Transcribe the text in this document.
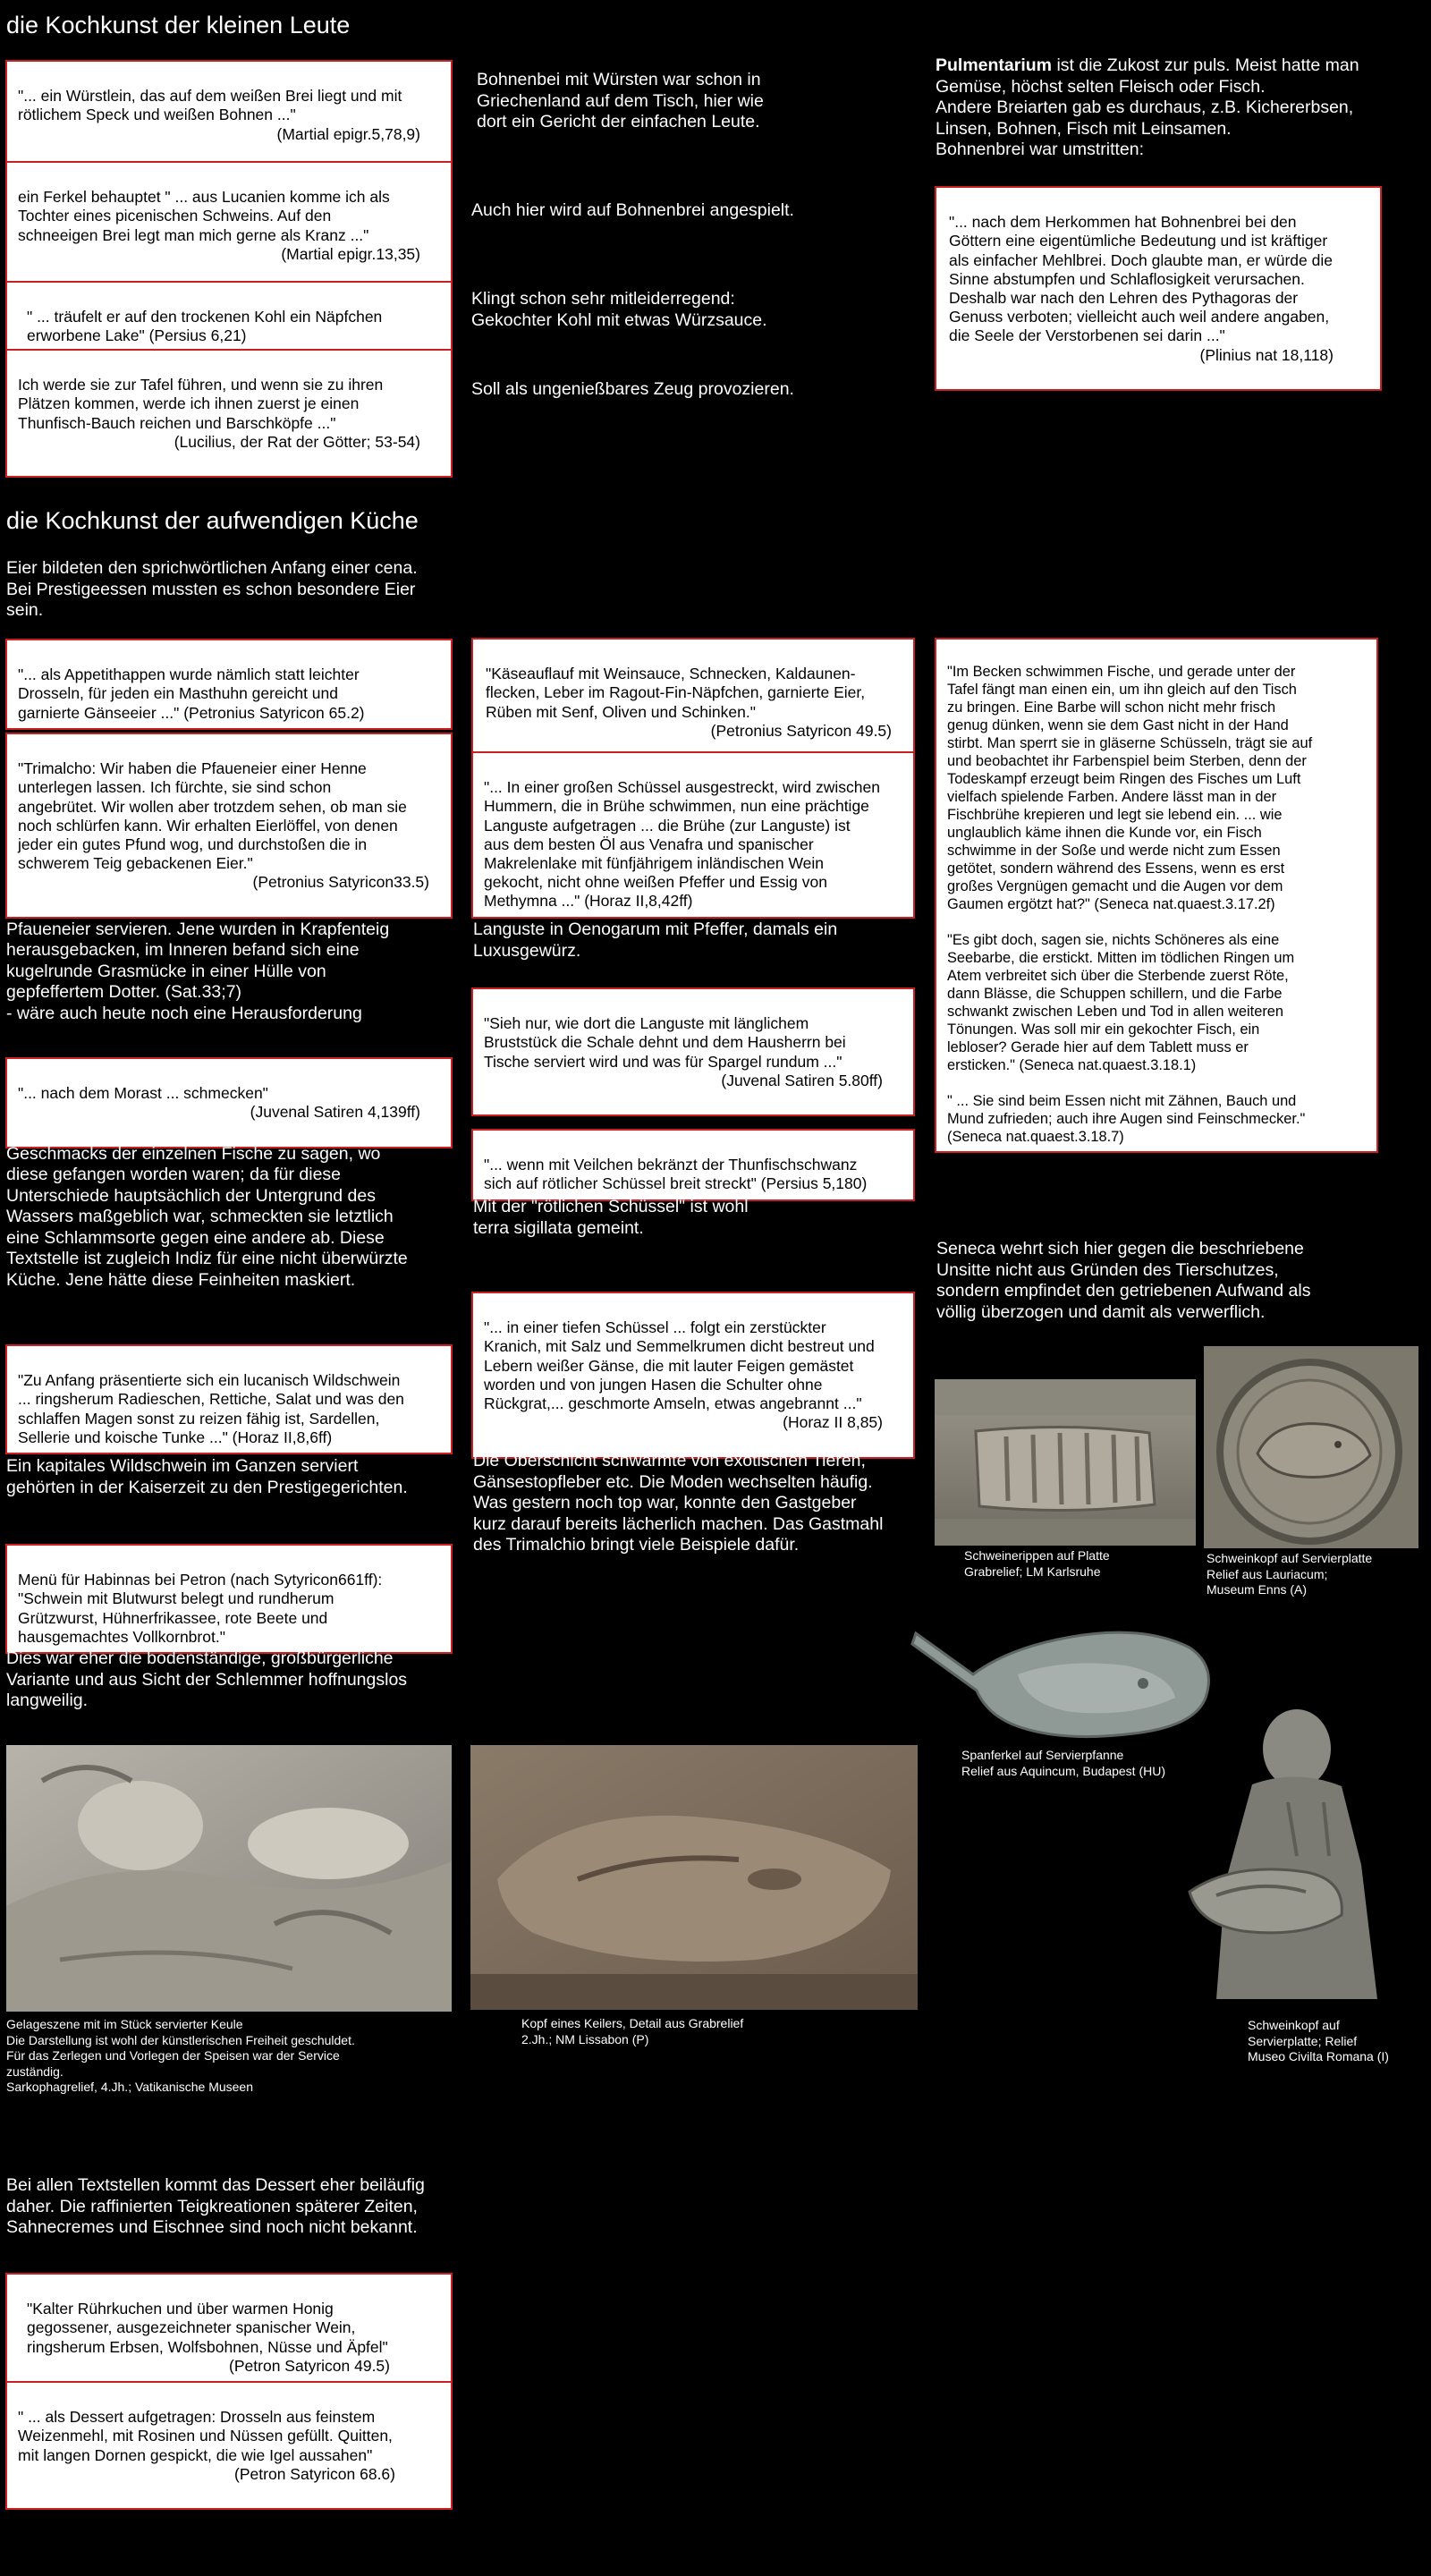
die Kochkunst der kleinen Leute

"... ein Würstlein, das auf dem weißen Brei liegt und mit
rötlichem Speck und weißen Bohnen ..."

(Martial epigr.5,78,9)

Bohnenbei mit Würsten war schon in
Griechenland auf dem Tisch, hier wie
dort ein Gericht der einfachen Leute.

ein Ferkel behauptet " ... aus Lucanien komme ich als
Tochter eines picenischen Schweins. Auf den
schneeigen Brei legt man mich gerne als Kranz ..."

(Martial epigr.13,35)

Auch hier wird auf Bohnenbrei angespielt.

" ... träufelt er auf den trockenen Kohl ein Näpfchen
erworbene Lake" (Persius 6,21)

Klingt schon sehr mitleiderregend:
Gekochter Kohl mit etwas Würzsauce.

Ich werde sie zur Tafel führen, und wenn sie zu ihren
Plätzen kommen, werde ich ihnen zuerst je einen
Thunfisch-Bauch reichen und Barschköpfe ..."

(Lucilius, der Rat der Götter; 53-54)

Soll als ungenießbares Zeug provozieren.
Pulmentarium ist die Zukost zur puls. Meist hatte man
Gemüse, höchst selten Fleisch oder Fisch.
Andere Breiarten gab es durchaus, z.B. Kichererbsen,
Linsen, Bohnen, Fisch mit Leinsamen.
Bohnenbrei war umstritten:

"... nach dem Herkommen hat Bohnenbrei bei den
Göttern eine eigentümliche Bedeutung und ist kräftiger
als einfacher Mehlbrei. Doch glaubte man, er würde die
Sinne abstumpfen und Schlaflosigkeit verursachen.
Deshalb war nach den Lehren des Pythagoras der
Genuss verboten; vielleicht auch weil andere angaben,
die Seele der Verstorbenen sei darin ..."

(Plinius nat 18,118)

die Kochkunst der aufwendigen Küche
Eier bildeten den sprichwörtlichen Anfang einer cena.
Bei Prestigeessen mussten es schon besondere Eier
sein.

"... als Appetithappen wurde nämlich statt leichter
Drosseln, für jeden ein Masthuhn gereicht und
garnierte Gänseeier ..." (Petronius Satyricon 65.2)

"Trimalcho: Wir haben die Pfaueneier einer Henne
unterlegen lassen. Ich fürchte, sie sind schon
angebrütet. Wir wollen aber trotzdem sehen, ob man sie
noch schlürfen kann. Wir erhalten Eierlöffel, von denen
jeder ein gutes Pfund wog, und durchstoßen die in
schwerem Teig gebackenen Eier."

(Petronius Satyricon33.5)

Petrons Trimalchio lässt eine Henne untergelegte
Pfaueneier servieren. Jene wurden in Krapfenteig
herausgebacken, im Inneren befand sich eine
kugelrunde Grasmücke in einer Hülle von
gepfeffertem Dotter. (Sat.33;7)
- wäre auch heute noch eine Herausforderung

"... nach dem Morast ... schmecken"

(Juvenal Satiren 4,139ff)

Römische Gourmets versuchten auf Grund des
Geschmacks der einzelnen Fische zu sagen, wo
diese gefangen worden waren; da für diese
Unterschiede hauptsächlich der Untergrund des
Wassers maßgeblich war, schmeckten sie letztlich
eine Schlammsorte gegen eine andere ab. Diese
Textstelle ist zugleich Indiz für eine nicht überwürzte
Küche. Jene hätte diese Feinheiten maskiert.

"Zu Anfang präsentierte sich ein lucanisch Wildschwein
... ringsherum Radieschen, Rettiche, Salat und was den
schlaffen Magen sonst zu reizen fähig ist, Sardellen,
Sellerie und koische Tunke ..." (Horaz II,8,6ff)

Ein kapitales Wildschwein im Ganzen serviert
gehörten in der Kaiserzeit zu den Prestigegerichten.

Menü für Habinnas bei Petron (nach Sytyricon661ff):
"Schwein mit Blutwurst belegt und rundherum
Grützwurst, Hühnerfrikassee, rote Beete und
hausgemachtes Vollkornbrot."

Dies war eher die bodenständige, großbürgerliche
Variante und aus Sicht der Schlemmer hoffnungslos
langweilig.

"Käseauflauf mit Weinsauce, Schnecken, Kaldaunen-
flecken, Leber im Ragout-Fin-Näpfchen, garnierte Eier,
Rüben mit Senf, Oliven und Schinken."

(Petronius Satyricon 49.5)

"... In einer großen Schüssel ausgestreckt, wird zwischen
Hummern, die in Brühe schwimmen, nun eine prächtige
Languste aufgetragen ... die Brühe (zur Languste) ist
aus dem besten Öl aus Venafra und spanischer
Makrelenlake mit fünfjährigem inländischen Wein
gekocht, nicht ohne weißen Pfeffer und Essig von
Methymna ..." (Horaz II,8,42ff)

Languste in Oenogarum mit Pfeffer, damals ein
Luxusgewürz.

"Sieh nur, wie dort die Languste mit länglichem
Bruststück die Schale dehnt und dem Hausherrn bei
Tische serviert wird und was für Spargel rundum ..."

(Juvenal Satiren 5.80ff)

"... wenn mit Veilchen bekränzt der Thunfischschwanz
sich auf rötlicher Schüssel breit streckt" (Persius 5,180)

Mit der "rötlichen Schüssel" ist wohl
terra sigillata gemeint.

"... in einer tiefen Schüssel ... folgt ein zerstückter
Kranich, mit Salz und Semmelkrumen dicht bestreut und
Lebern weißer Gänse, die mit lauter Feigen gemästet
worden und von jungen Hasen die Schulter ohne
Rückgrat,... geschmorte Amseln, etwas angebrannt ..."

(Horaz II 8,85)

Die Oberschicht schwärmte von exotischen Tieren,
Gänsestopfleber etc. Die Moden wechselten häufig.
Was gestern noch top war, konnte den Gastgeber
kurz darauf bereits lächerlich machen. Das Gastmahl
des Trimalchio bringt viele Beispiele dafür.

"Im Becken schwimmen Fische, und gerade unter der
Tafel fängt man einen ein, um ihn gleich auf den Tisch
zu bringen. Eine Barbe will schon nicht mehr frisch
genug dünken, wenn sie dem Gast nicht in der Hand
stirbt. Man sperrt sie in gläserne Schüsseln, trägt sie auf
und beobachtet ihr Farbenspiel beim Sterben, denn der
Todeskampf erzeugt beim Ringen des Fisches um Luft
vielfach spielende Farben. Andere lässt man in der
Fischbrühe krepieren und legt sie lebend ein. ... wie
unglaublich käme ihnen die Kunde vor, ein Fisch
schwimme in der Soße und werde nicht zum Essen
getötet, sondern während des Essens, wenn es erst
großes Vergnügen gemacht und die Augen vor dem
Gaumen ergötzt hat?" (Seneca nat.quaest.3.17.2f)

"Es gibt doch, sagen sie, nichts Schöneres als eine
Seebarbe, die erstickt. Mitten im tödlichen Ringen um
Atem verbreitet sich über die Sterbende zuerst Röte,
dann Blässe, die Schuppen schillern, und die Farbe
schwankt zwischen Leben und Tod in allen weiteren
Tönungen. Was soll mir ein gekochter Fisch, ein
lebloser? Gerade hier auf dem Tablett muss er
ersticken." (Seneca nat.quaest.3.18.1)

" ... Sie sind beim Essen nicht mit Zähnen, Bauch und
Mund zufrieden; auch ihre Augen sind Feinschmecker."
(Seneca nat.quaest.3.18.7)

Seneca wehrt sich hier gegen die beschriebene
Unsitte nicht aus Gründen des Tierschutzes,
sondern empfindet den getriebenen Aufwand als
völlig überzogen und damit als verwerflich.
Schweinerippen auf Platte
Grabrelief; LM Karlsruhe
Schweinkopf auf Servierplatte
Relief aus Lauriacum;
Museum Enns (A)
Spanferkel auf Servierpfanne
Relief aus Aquincum, Budapest (HU)
Gelageszene mit im Stück servierter Keule
Die Darstellung ist wohl der künstlerischen Freiheit geschuldet.
Für das Zerlegen und Vorlegen der Speisen war der Service
zuständig.
Sarkophagrelief, 4.Jh.; Vatikanische Museen
Kopf eines Keilers, Detail aus Grabrelief
2.Jh.; NM Lissabon (P)
Schweinkopf auf
Servierplatte; Relief
Museo Civilta Romana (I)
Bei allen Textstellen kommt das Dessert eher beiläufig
daher. Die raffinierten Teigkreationen späterer Zeiten,
Sahnecremes und Eischnee sind noch nicht bekannt.

"Kalter Rührkuchen und über warmen Honig
gegossener, ausgezeichneter spanischer Wein,
ringsherum Erbsen, Wolfsbohnen, Nüsse und Äpfel"

(Petron Satyricon 49.5)

" ... als Dessert aufgetragen: Drosseln aus feinstem
Weizenmehl, mit Rosinen und Nüssen gefüllt. Quitten,
mit langen Dornen gespickt, die wie Igel aussahen"

(Petron Satyricon 68.6)
